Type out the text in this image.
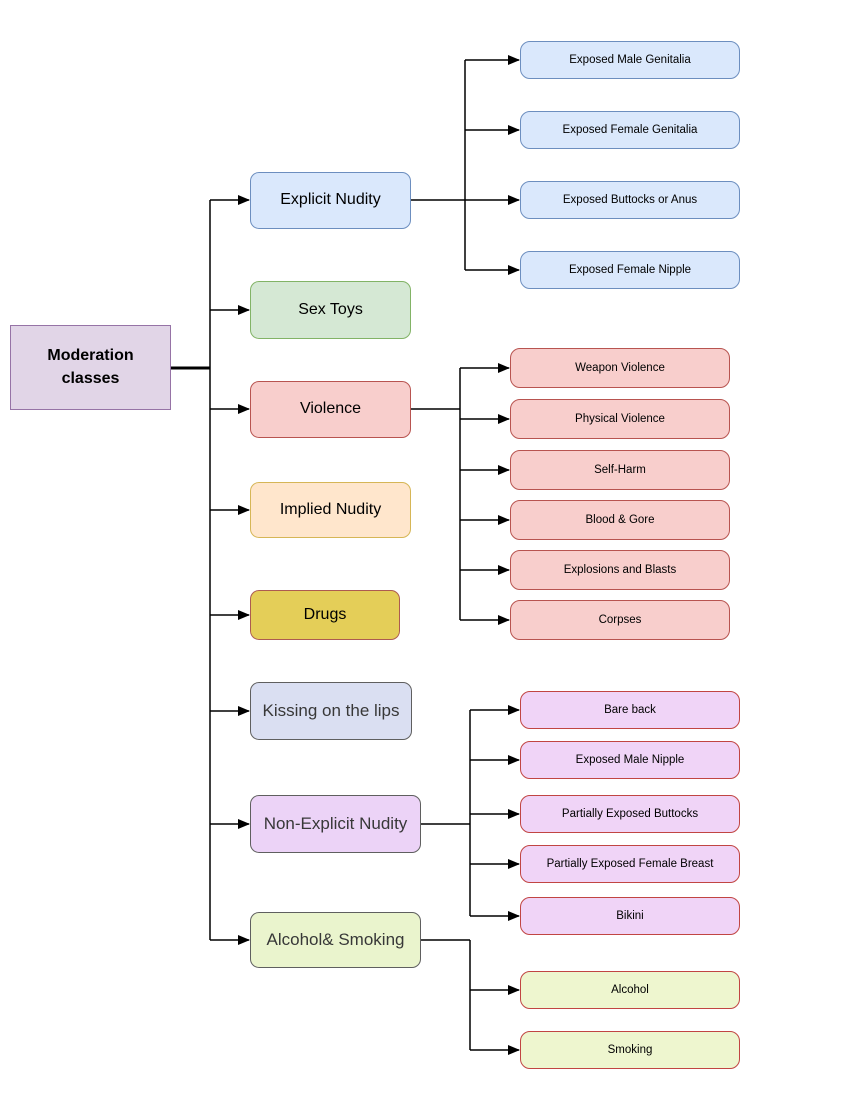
Moderation classes
Explicit Nudity
Sex Toys
Violence
Implied Nudity
Drugs
Kissing on the lips
Non-Explicit Nudity
Alcohol& Smoking
Exposed Male Genitalia
Exposed Female Genitalia
Exposed Buttocks or Anus
Exposed Female Nipple
Weapon Violence
Physical Violence
Self-Harm
Blood & Gore
Explosions and Blasts
Corpses
Bare back
Exposed Male Nipple
Partially Exposed Buttocks
Partially Exposed Female Breast
Bikini
Alcohol
Smoking
